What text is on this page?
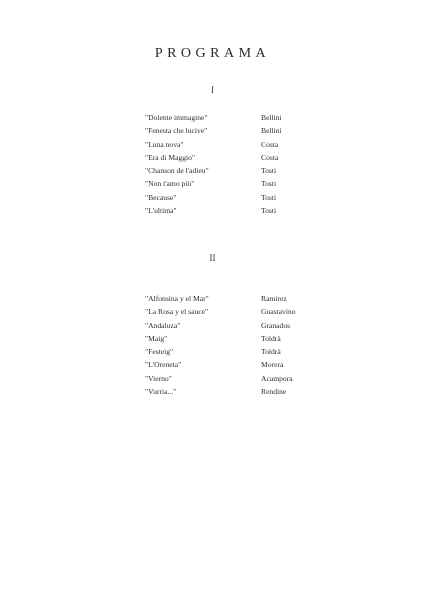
PROGRAMA
I
"Dolente immagine"	Bellini
"Fenesta che lucive"	Bellini
"Luna nova"	Costa
"Era di Maggio"	Costa
"Chanson de l'adieu"	Tosti
"Non t'amo più"	Tosti
"Because"	Tosti
"L'ultima"	Tosti
II
"Alfonsina y el Mar"	Ramirez
"La Rosa y el sauce"	Guastavino
"Andaluza"	Granados
"Maig"	Toldrà
"Festeig"	Toldrà
"L'Oreneta"	Morera
"Vierno"	Acampora
"Vurria..."	Rendine
